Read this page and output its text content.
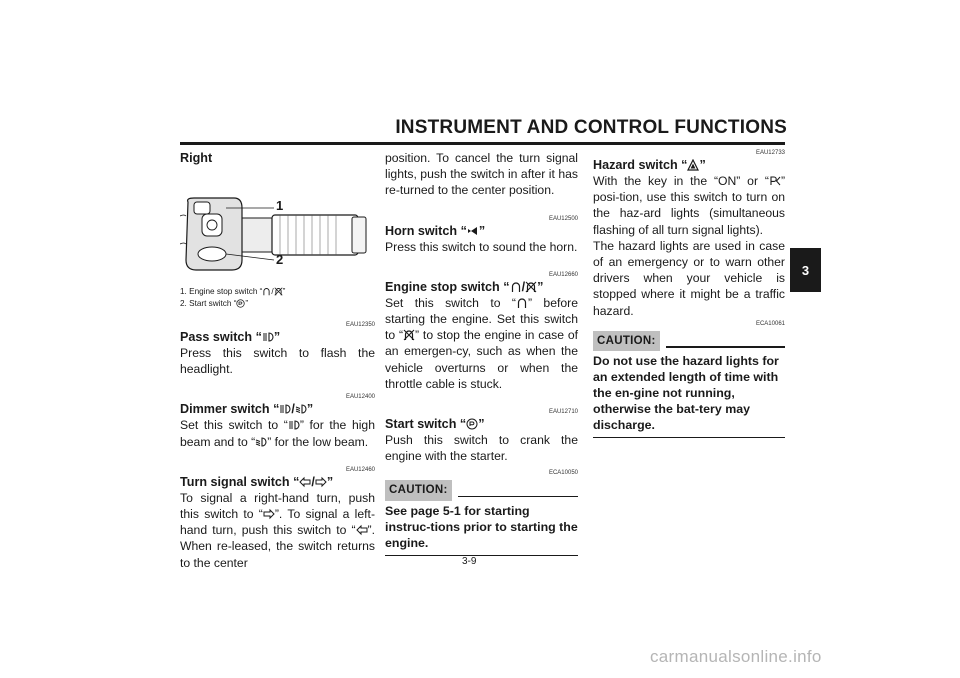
INSTRUMENT AND CONTROL FUNCTIONS
3
Right
1
2
1. Engine stop switch “ / ”
2. Start switch “ ”
EAU12350
Pass switch “ ”

Press this switch to flash the headlight.

EAU12400
Dimmer switch “ / ”

Set this switch to “ ” for the high beam and to “ ” for the low beam.

EAU12460
Turn signal switch “ / ”

To signal a right-hand turn, push this switch to “ ”. To signal a left-hand turn, push this switch to “ ”. When re-leased, the switch returns to the center

position. To cancel the turn signal lights, push the switch in after it has re-turned to the center position.

EAU12500
Horn switch “ ”

Press this switch to sound the horn.

EAU12660
Engine stop switch “ / ”

Set this switch to “ ” before starting the engine. Set this switch to “ ” to stop the engine in case of an emergen-cy, such as when the vehicle overturns or when the throttle cable is stuck.

EAU12710
Start switch “ ”

Push this switch to crank the engine with the starter.

ECA10050
CAUTION:
See page 5-1 for starting instruc-tions prior to starting the engine.
EAU12733
Hazard switch “ ”

With the key in the “ON” or “ ” posi-tion, use this switch to turn on the haz-ard lights (simultaneous flashing of all turn signal lights).

The hazard lights are used in case of an emergency or to warn other drivers when your vehicle is stopped where it might be a traffic hazard.

ECA10061
CAUTION:
Do not use the hazard lights for an extended length of time with the en-gine not running, otherwise the bat-tery may discharge.
3-9
carmanualsonline.info
